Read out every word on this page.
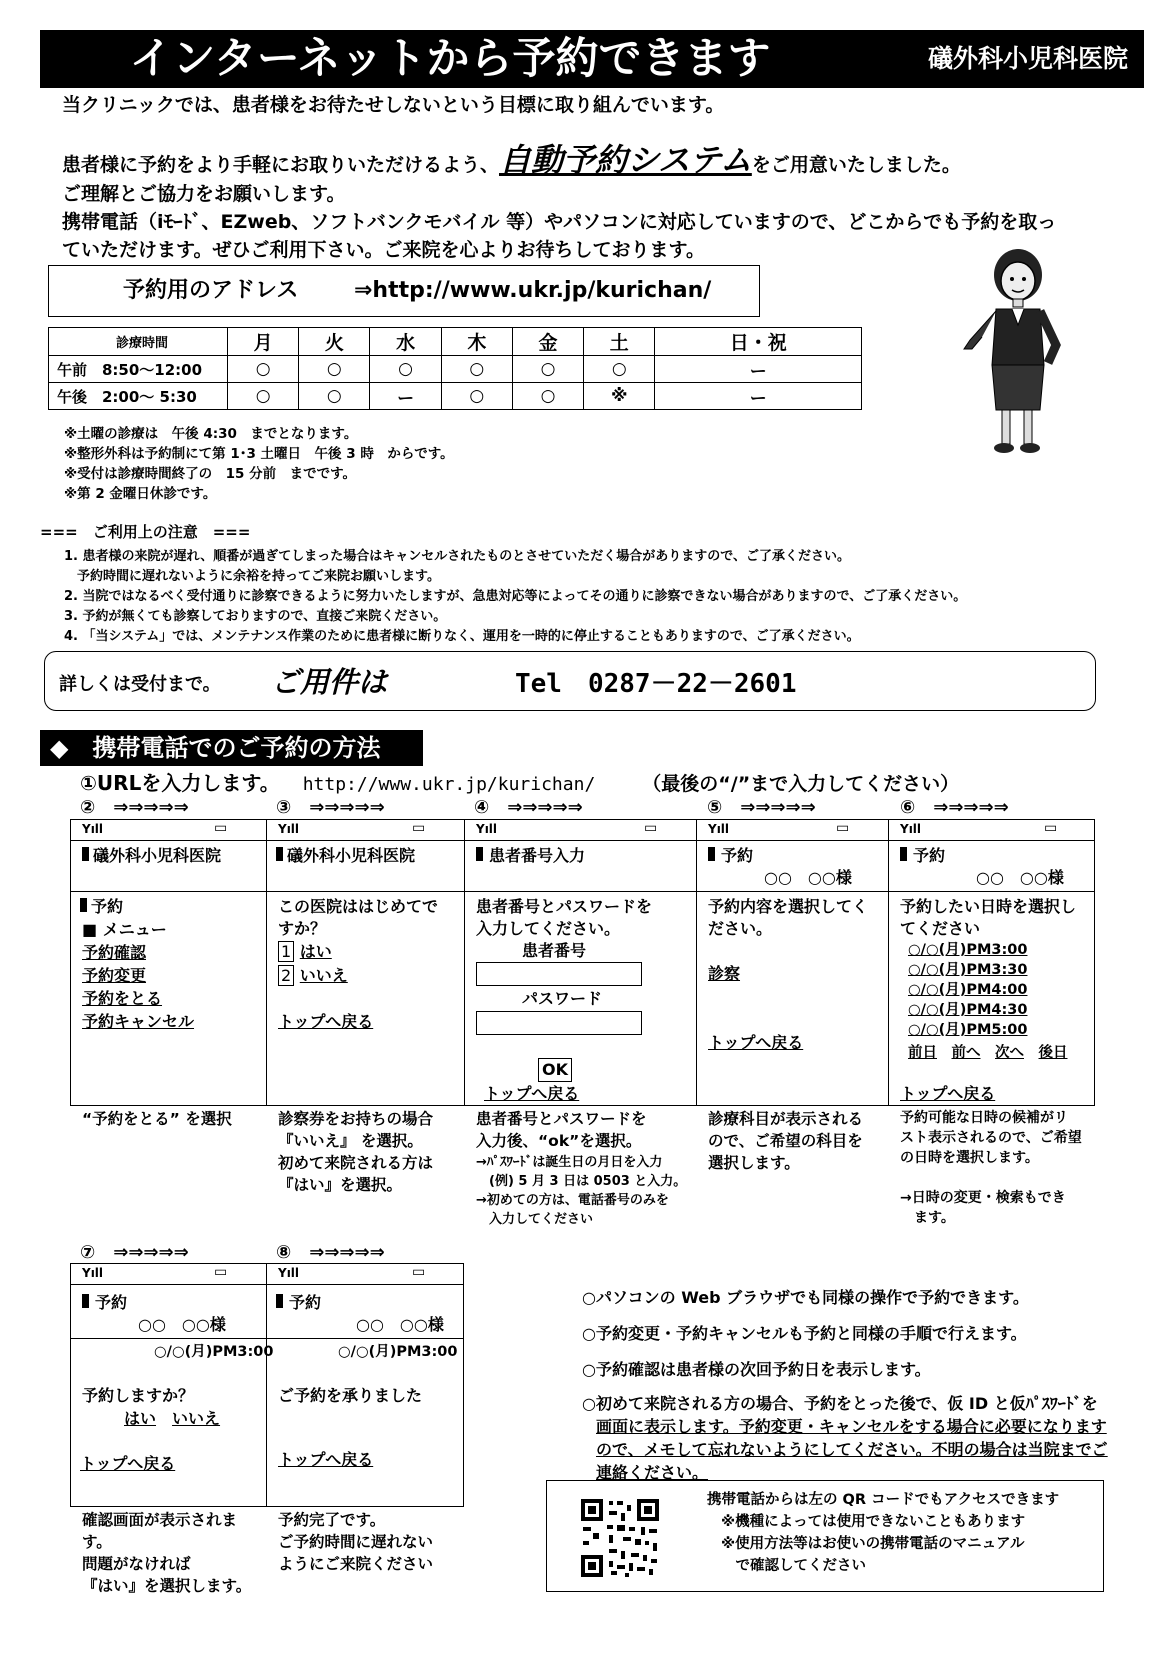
インターネットから予約できます	礒外科小児科医院
当クリニックでは、患者様をお待たせしないという目標に取り組んでいます。
患者様に予約をより手軽にお取りいただけるよう、自動予約システムをご用意いたしました。
ご理解とご協力をお願いします。
携帯電話（iﾓｰﾄﾞ、EZweb、ソフトバンクモバイル 等）やパソコンに対応していますので、どこからでも予約を取っ
ていただけます。ぜひご利用下さい。ご来院を心よりお待ちしております。
予約用のアドレス	⇒http://www.ukr.jp/kurichan/
診療時間	月	火	水	木	金	土	日・祝
午前　8:50〜12:00	○	○	○	○	○	○	ー
午後　2:00〜 5:30	○	○	ー	○	○	※	ー
※土曜の診療は　午後 4:30　までとなります。
※整形外科は予約制にて第 1･3 土曜日　午後 3 時　からです。
※受付は診療時間終了の　15 分前　までです。
※第 2 金曜日休診です。
===　ご利用上の注意　===
1. 患者様の来院が遅れ、順番が過ぎてしまった場合はキャンセルされたものとさせていただく場合がありますので、ご了承ください。
　予約時間に遅れないように余裕を持ってご来院お願いします。
2. 当院ではなるべく受付通りに診察できるように努力いたしますが、急患対応等によってその通りに診察できない場合がありますので、ご了承ください。
3. 予約が無くても診察しておりますので、直接ご来院ください。
4. 「当システム」では、メンテナンス作業のために患者様に断りなく、運用を一時的に停止することもありますので、ご了承ください。
詳しくは受付まで。 ご用件は	Tel　0287－22－2601
◆　携帯電話でのご予約の方法
①URLを入力します。 http://www.ukr.jp/kurichan/ （最後の“/”まで入力してください）
②　 ⇒⇒⇒⇒⇒	③　 ⇒⇒⇒⇒⇒	④　 ⇒⇒⇒⇒⇒	⑤　 ⇒⇒⇒⇒⇒	⑥　 ⇒⇒⇒⇒⇒
Yıll	▭	Yıll	▭	Yıll	▭	Yıll	▭	Yıll	▭
礒外科小児科医院
予約
■ メニュー
予約確認
予約変更
予約をとる
予約キャンセル
礒外科小児科医院
この医院ははじめてで
すか？
1 はい
2 いいえ
トップへ戻る
患者番号入力
患者番号とパスワードを
入力してください。
患者番号
パスワード
OK
トップへ戻る
予約
○○　○○様
予約内容を選択してく
ださい。
診察
トップへ戻る
予約
○○　○○様
予約したい日時を選択し
てください
○/○(月)PM3:00
○/○(月)PM3:30
○/○(月)PM4:00
○/○(月)PM4:30
○/○(月)PM5:00
前日　 前へ　 次へ　 後日
トップへ戻る
“予約をとる” を選択	診察券をお持ちの場合
『いいえ』 を選択。
初めて来院される方は
『はい』を選択。
患者番号とパスワードを
入力後、“ok”を選択。
→ﾊﾟｽﾜｰﾄﾞは誕生日の月日を入力
　(例) 5 月 3 日は 0503 と入力。
→初めての方は、電話番号のみを
　入力してください
診療科目が表示される
ので、ご希望の科目を
選択します。
予約可能な日時の候補がリ
スト表示されるので、ご希望
の日時を選択します。
→日時の変更・検索もでき
　ます。
⑦　 ⇒⇒⇒⇒⇒	⑧　 ⇒⇒⇒⇒⇒
Yıll	▭	Yıll	▭
予約
○○　○○様
○/○(月)PM3:00
予約しますか？
はい　 いいえ
トップへ戻る
予約
○○　○○様
○/○(月)PM3:00
ご予約を承りました
トップへ戻る
確認画面が表示されま
す。
問題がなければ
『はい』を選択します。
予約完了です。
ご予約時間に遅れない
ようにご来院ください
○パソコンの Web ブラウザでも同様の操作で予約できます。
○予約変更・予約キャンセルも予約と同様の手順で行えます。
○予約確認は患者様の次回予約日を表示します。
○初めて来院される方の場合、予約をとった後で、仮 ID と仮ﾊﾟｽﾜｰﾄﾞを
画面に表示します。予約変更・キャンセルをする場合に必要になります
ので、メモして忘れないようにしてください。不明の場合は当院までご
連絡ください。
携帯電話からは左の QR コードでもアクセスできます
※機種によっては使用できないこともあります
※使用方法等はお使いの携帯電話のマニュアル
　で確認してください
